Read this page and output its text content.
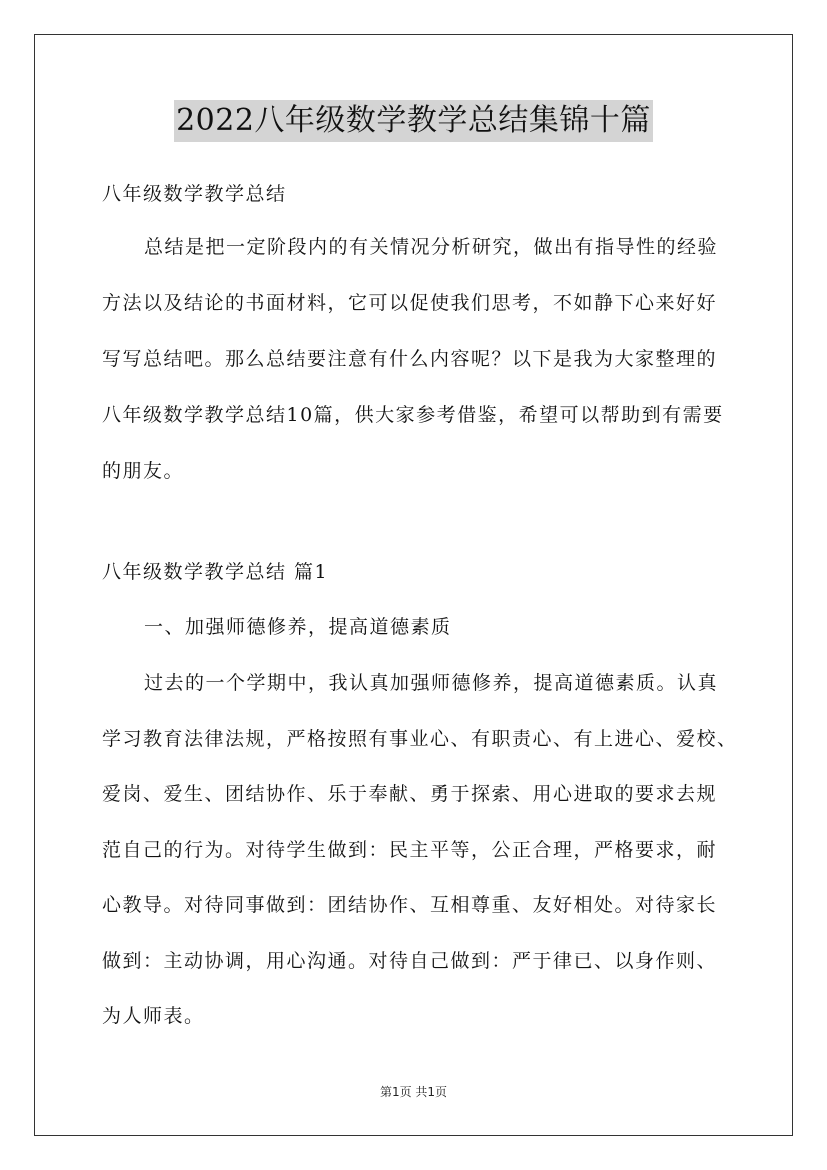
2022八年级数学教学总结集锦十篇
八年级数学教学总结
总结是把一定阶段内的有关情况分析研究，做出有指导性的经验
方法以及结论的书面材料，它可以促使我们思考，不如静下心来好好
写写总结吧。那么总结要注意有什么内容呢？以下是我为大家整理的
八年级数学教学总结10篇，供大家参考借鉴，希望可以帮助到有需要
的朋友。
八年级数学教学总结 篇1
一、加强师德修养，提高道德素质
过去的一个学期中，我认真加强师德修养，提高道德素质。认真
学习教育法律法规，严格按照有事业心、有职责心、有上进心、爱校、
爱岗、爱生、团结协作、乐于奉献、勇于探索、用心进取的要求去规
范自己的行为。对待学生做到：民主平等，公正合理，严格要求，耐
心教导。对待同事做到：团结协作、互相尊重、友好相处。对待家长
做到：主动协调，用心沟通。对待自己做到：严于律已、以身作则、
为人师表。
第1页 共1页
